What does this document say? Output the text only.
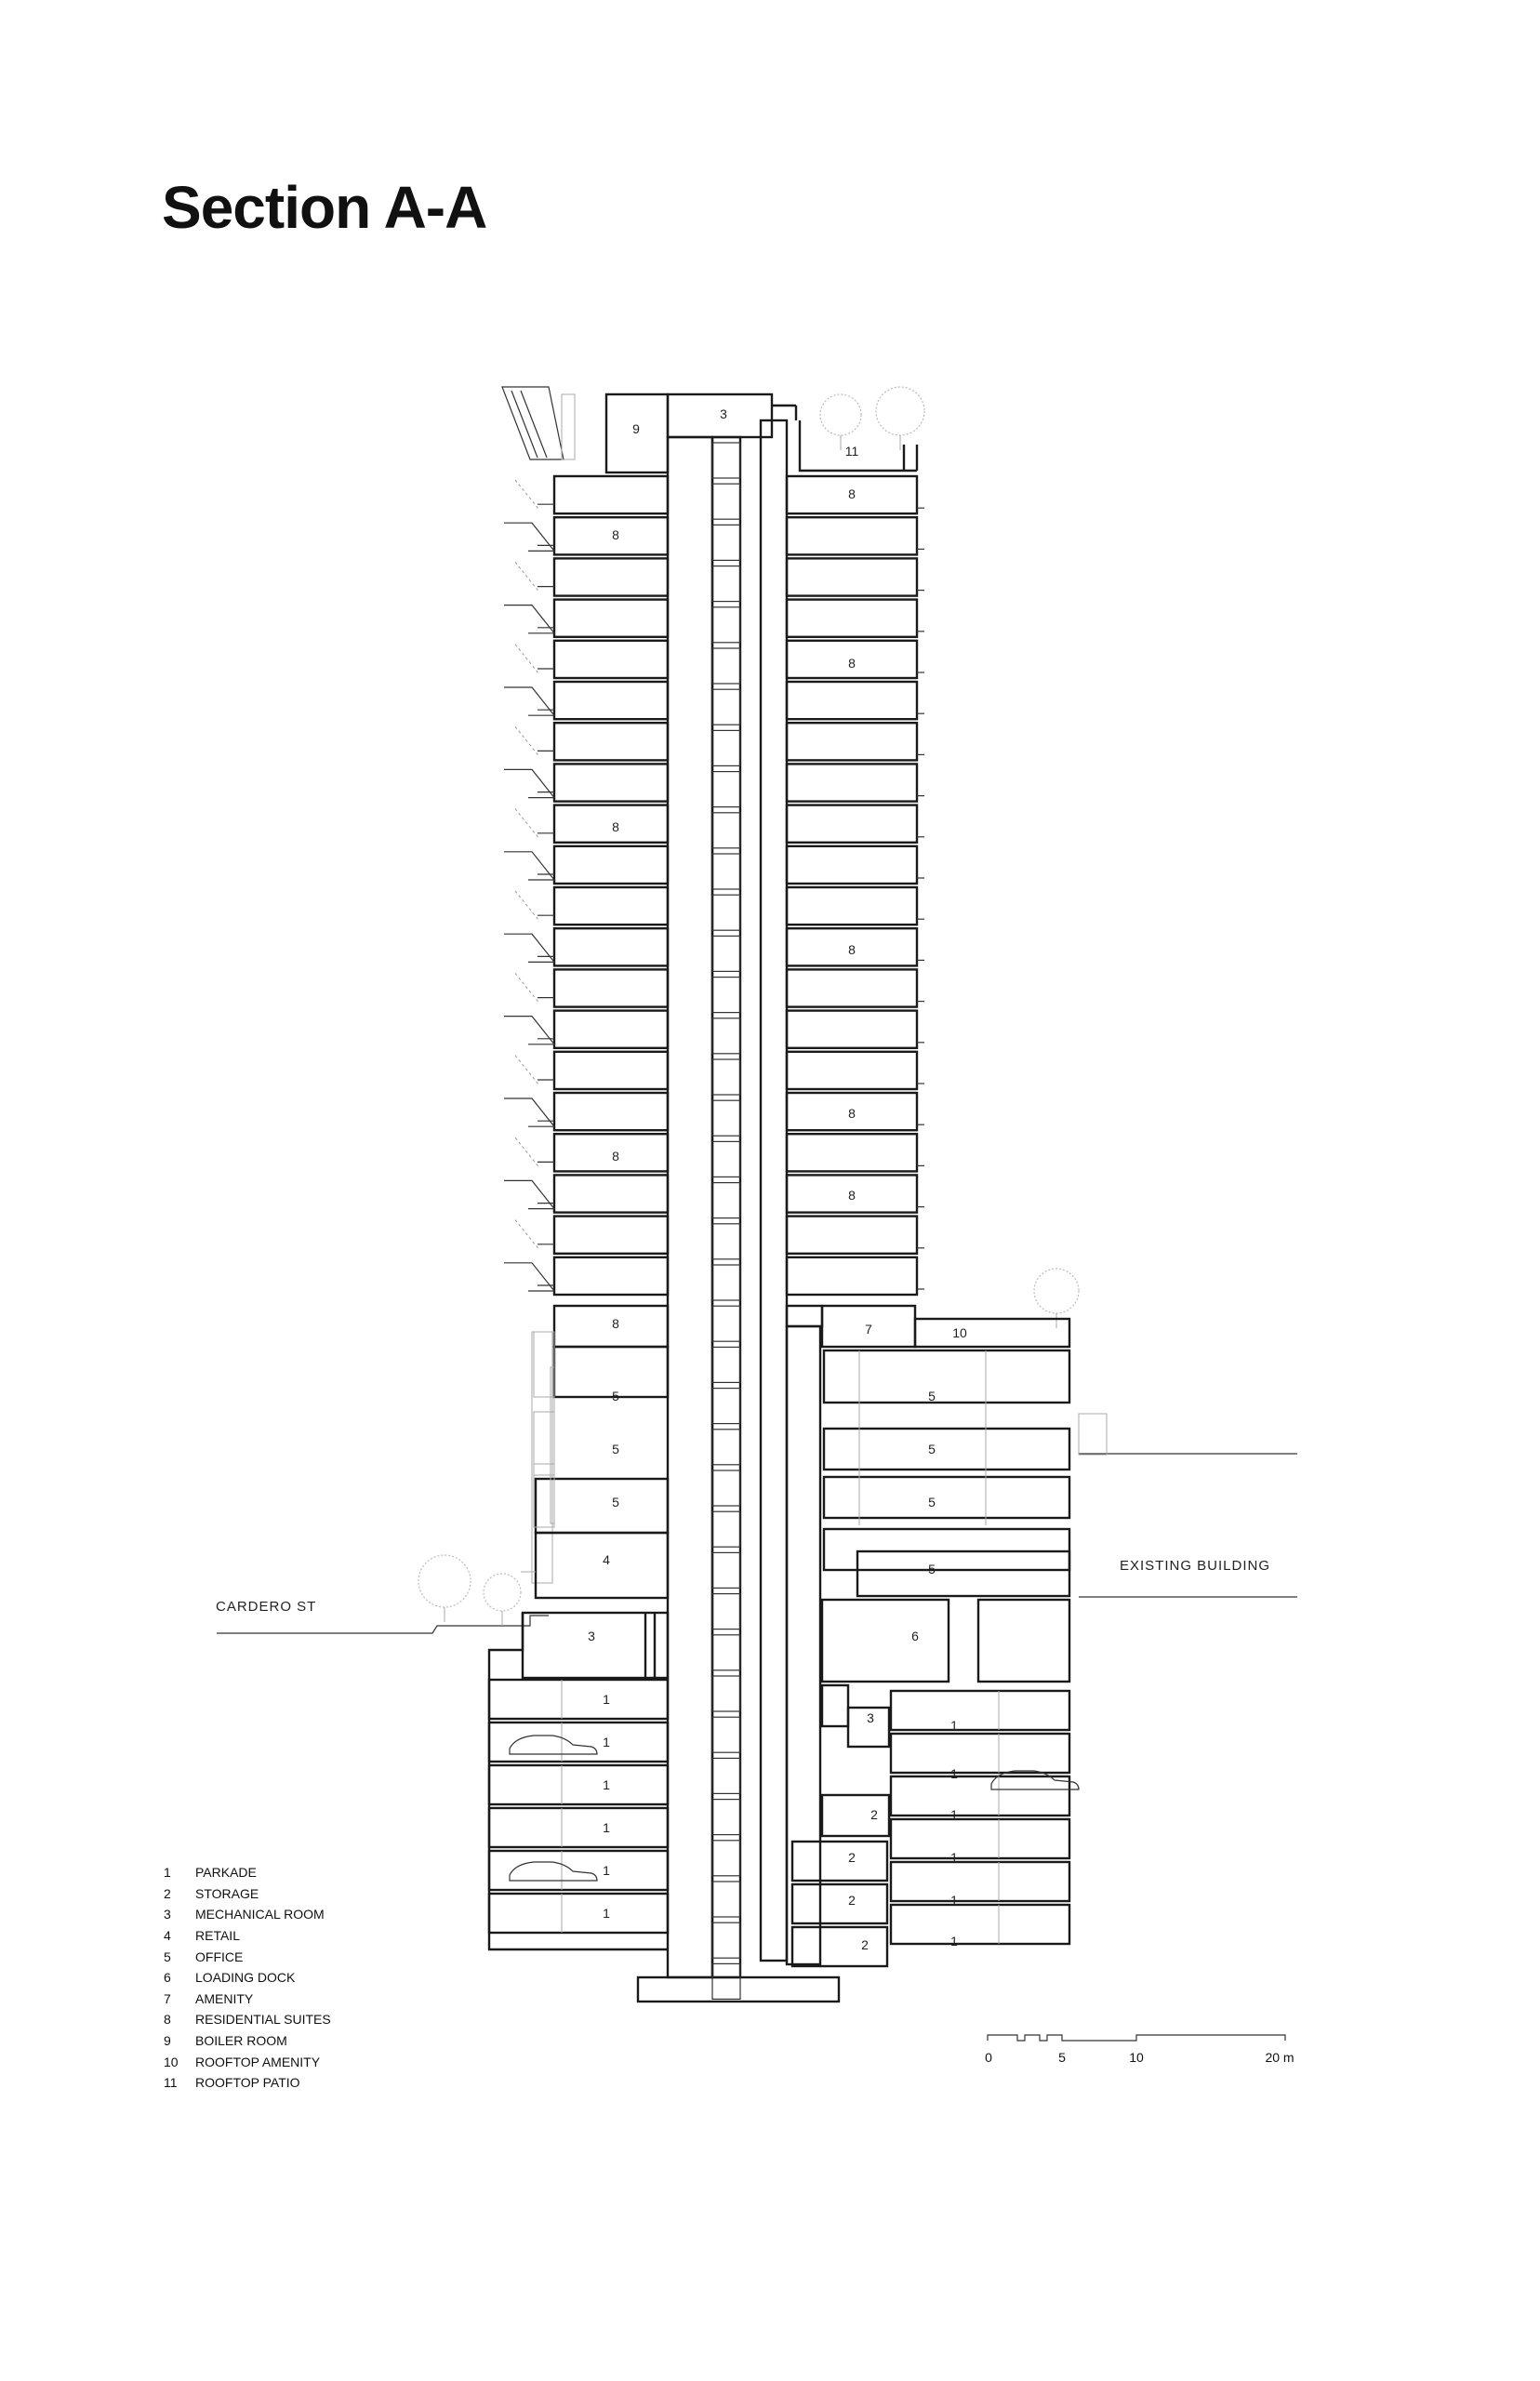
Section A-A
9
3
11
7	10
8
8
8
8
8
8
8
8
8
5
5
5
5
5
5
5
4
3	6
3
1
1
1
1
1
1
1
1
1
1
1
1
2
2
2
2
CARDERO ST
EXISTING BUILDING
1	PARKADE
2	STORAGE
3	MECHANICAL ROOM
4	RETAIL
5	OFFICE
6	LOADING DOCK
7	AMENITY
8	RESIDENTIAL SUITES
9	BOILER ROOM
10	ROOFTOP AMENITY
11	ROOFTOP PATIO
0	5	10	20 m
